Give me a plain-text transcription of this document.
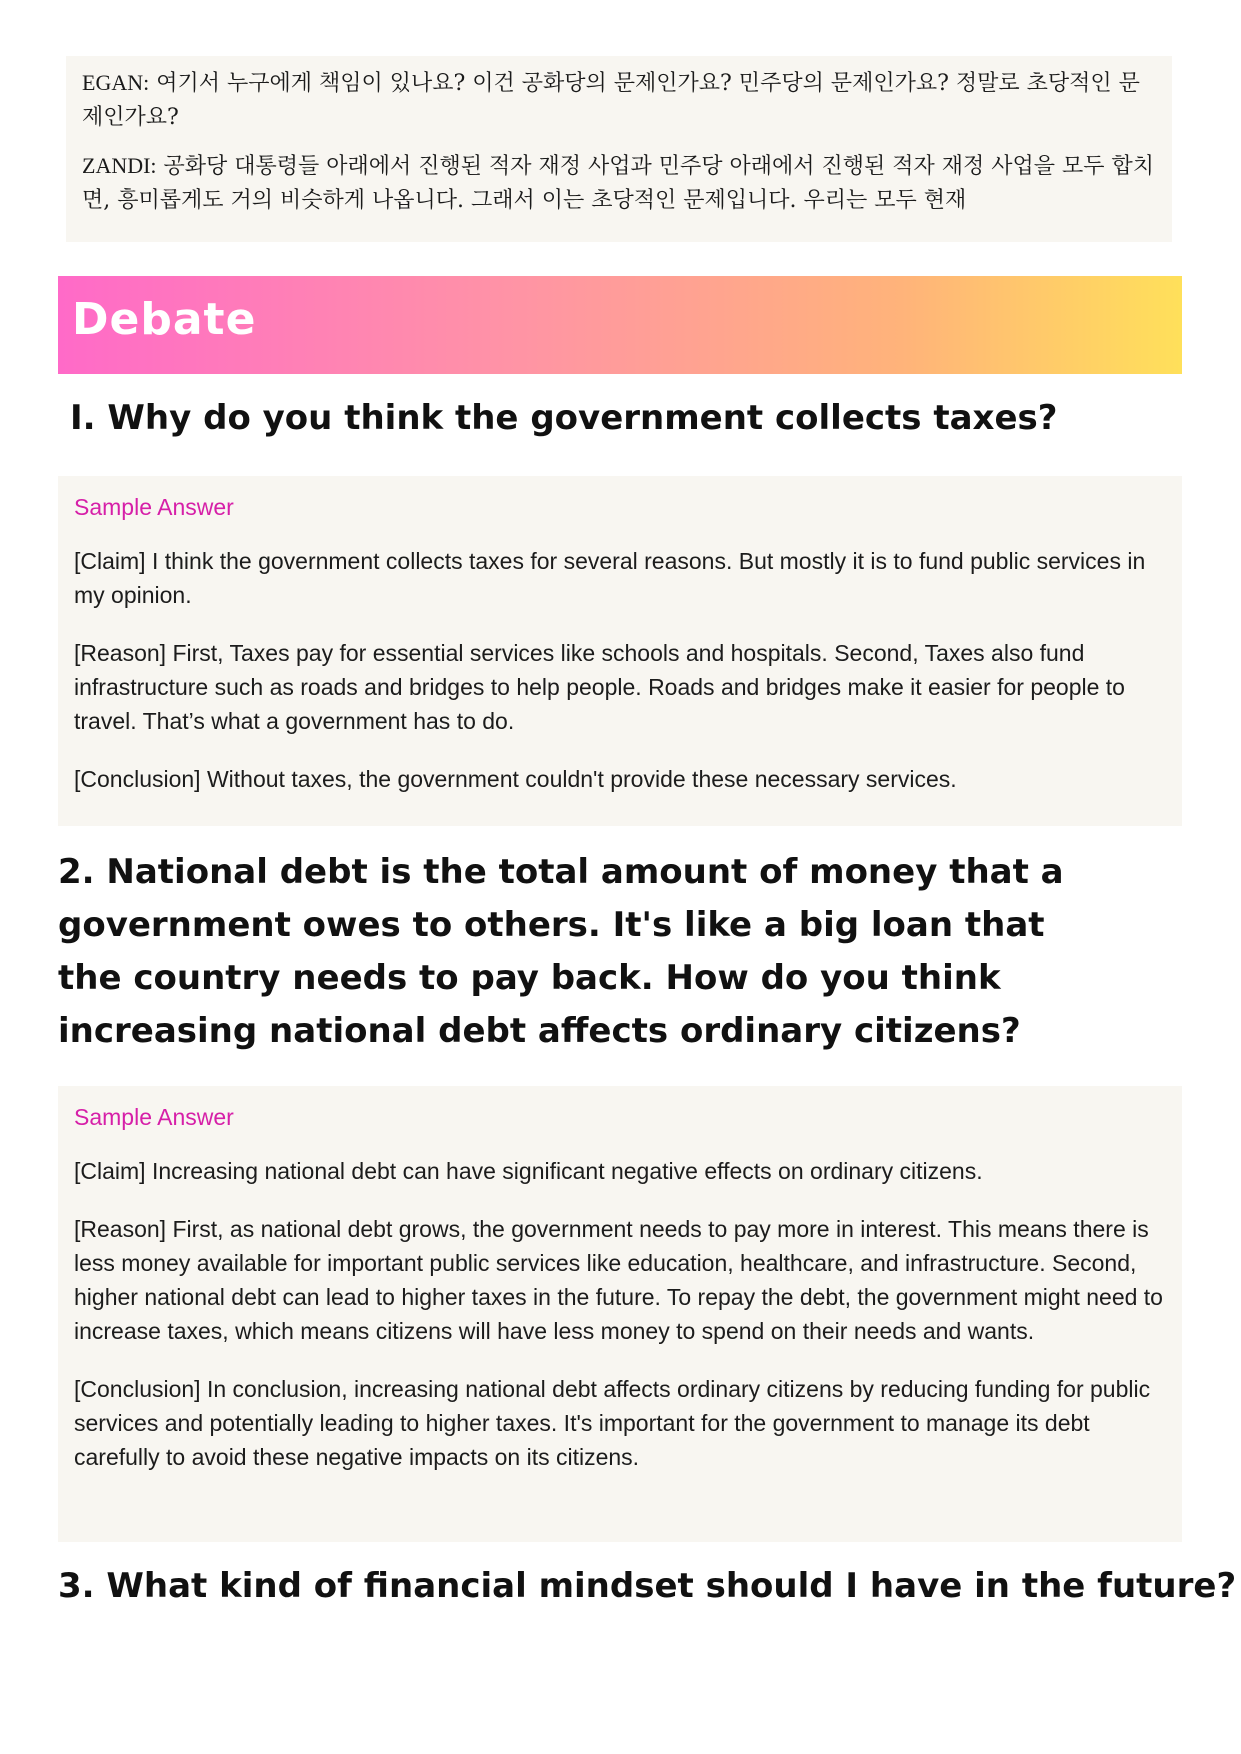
EGAN: 여기서 누구에게 책임이 있나요? 이건 공화당의 문제인가요? 민주당의 문제인가요? 정말로 초당적인 문제인가요?

ZANDI: 공화당 대통령들 아래에서 진행된 적자 재정 사업과 민주당 아래에서 진행된 적자 재정 사업을 모두 합치면, 흥미롭게도 거의 비슷하게 나옵니다. 그래서 이는 초당적인 문제입니다. 우리는 모두 현재

Debate
I. Why do you think the government collects taxes?
Sample Answer

[Claim] I think the government collects taxes for several reasons. But mostly it is to fund public services in my opinion.

[Reason] First, Taxes pay for essential services like schools and hospitals. Second, Taxes also fund infrastructure such as roads and bridges to help people. Roads and bridges make it easier for people to travel. That’s what a government has to do.

[Conclusion] Without taxes, the government couldn't provide these necessary services.

2. National debt is the total amount of money that a government owes to others. It's like a big loan that the country needs to pay back. How do you think increasing national debt affects ordinary citizens?
Sample Answer

[Claim] Increasing national debt can have significant negative effects on ordinary citizens.

[Reason] First, as national debt grows, the government needs to pay more in interest. This means there is less money available for important public services like education, healthcare, and infrastructure. Second, higher national debt can lead to higher taxes in the future. To repay the debt, the government might need to increase taxes, which means citizens will have less money to spend on their needs and wants.

[Conclusion] In conclusion, increasing national debt affects ordinary citizens by reducing funding for public services and potentially leading to higher taxes. It's important for the government to manage its debt carefully to avoid these negative impacts on its citizens.

3. What kind of financial mindset should I have in the future?
